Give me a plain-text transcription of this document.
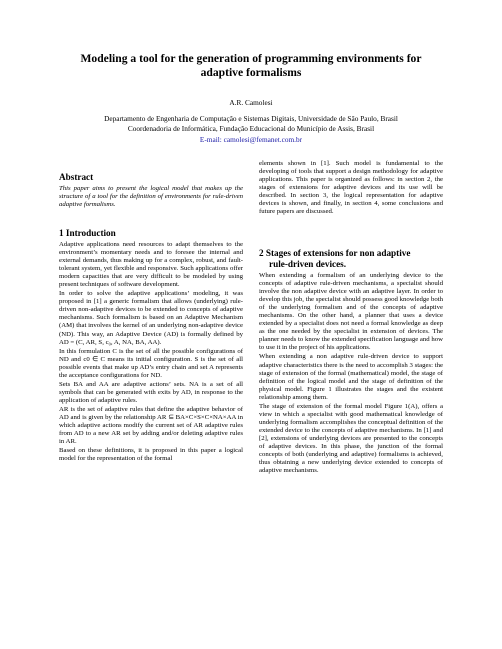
Modeling a tool for the generation of programming environments for
adaptive formalisms
A.R. Camolesi
Departamento de Engenharia de Computação e Sistemas Digitais, Universidade de São Paulo, Brasil
Coordenadoria de Informática, Fundação Educacional do Município de Assis, Brasil
E-mail: camolesi@femanet.com.br
Abstract
This paper aims to present the logical model that makes up the structure of a tool for the definition of environments for rule-driven adaptive formalisms.
1 Introduction

Adaptive applications need resources to adapt themselves to the environment’s momentary needs and to foresee the internal and external demands, thus making up for a complex, robust, and fault-tolerant system, yet flexible and responsive. Such applications offer modern capacities that are very difficult to be modeled by using present techniques of software development.

In order to solve the adaptive applications’ modeling, it was proposed in [1] a generic formalism that allows (underlying) rule-driven non-adaptive devices to be extended to concepts of adaptive mechanisms. Such formalism is based on an Adaptive Mechanism (AM) that involves the kernel of an underlying non-adaptive device (ND). This way, an Adaptive Device (AD) is formally defined by AD = (C, AR, S, c₀, A, NA, BA, AA).

In this formulation C is the set of all the possible configurations of ND and c0 ∈ C means its initial configuration. S is the set of all possible events that make up AD’s entry chain and set A represents the acceptance configurations for ND.

Sets BA and AA are adaptive actions’ sets. NA is a set of all symbols that can be generated with exits by AD, in response to the application of adaptive rules.

AR is the set of adaptive rules that define the adaptive behavior of AD and is given by the relationship AR ⊆ BA×C×S×C×NA×AA in which adaptive actions modify the current set of AR adaptive rules from AD to a new AR set by adding and/or deleting adaptive rules in AR.

Based on these definitions, it is proposed in this paper a logical model for the representation of the formal

elements shown in [1]. Such model is fundamental to the developing of tools that support a design methodology for adaptive applications. This paper is organized as follows: in section 2, the stages of extensions for adaptive devices and its use will be described. In section 3, the logical representation for adaptive devices is shown, and finally, in section 4, some conclusions and future papers are discussed.

2 Stages of extensions for non adaptive
rule-driven devices.

When extending a formalism of an underlying device to the concepts of adaptive rule-driven mechanisms, a specialist should involve the non adaptive device with an adaptive layer. In order to develop this job, the specialist should possess good knowledge both of the underlying formalism and of the concepts of adaptive mechanisms. On the other hand, a planner that uses a device extended by a specialist does not need a formal knowledge as deep as the one needed by the specialist in extension of devices. The planner needs to know the extended specification language and how to use it in the project of his applications.

When extending a non adaptive rule-driven device to support adaptive characteristics there is the need to accomplish 3 stages: the stage of extension of the formal (mathematical) model, the stage of definition of the logical model and the stage of definition of the physical model. Figure 1 illustrates the stages and the existent relationship among them.

The stage of extension of the formal model Figure 1(A), offers a view in which a specialist with good mathematical knowledge of underlying formalism accomplishes the conceptual definition of the extended device to the concepts of adaptive mechanisms. In [1] and [2], extensions of underlying devices are presented to the concepts of adaptive devices. In this phase, the junction of the formal concepts of both (underlying and adaptive) formalisms is achieved, thus obtaining a new underlying device extended to concepts of adaptive mechanisms.
